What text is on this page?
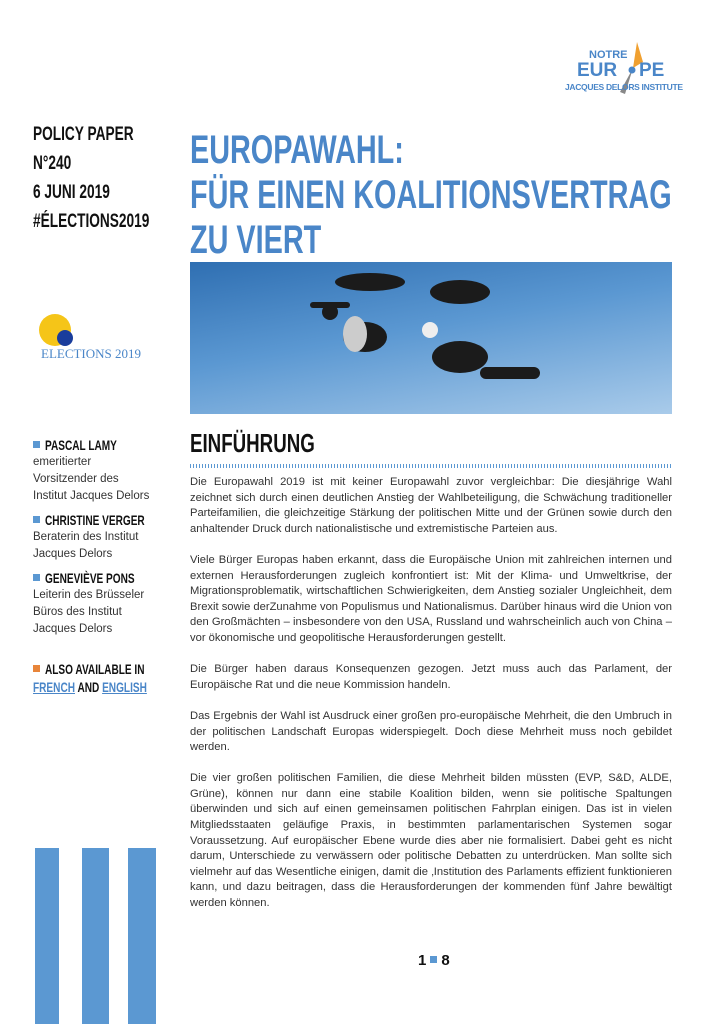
NOTRE
EUR PE
JACQUES DELORS INSTITUTE
POLICY PAPER
N°240
6 JUNI 2019
#ÉLECTIONS2019
ELECTIONS 2019
EUROPAWAHL:
FÜR EINEN KOALITIONSVERTRAG
ZU VIERT
PASCAL LAMY
emeritierter
Vorsitzender des
Institut Jacques Delors
CHRISTINE VERGER
Beraterin des Institut
Jacques Delors
GENEVIÈVE PONS
Leiterin des Brüsseler
Büros des Institut
Jacques Delors
ALSO AVAILABLE IN
FRENCH AND ENGLISH
EINFÜHRUNG

Die Europawahl 2019 ist mit keiner Europawahl zuvor vergleichbar: Die diesjährige Wahl zeichnet sich durch einen deutlichen Anstieg der Wahlbeteiligung, die Schwächung traditioneller Parteifamilien, die gleichzeitige Stärkung der politischen Mitte und der Grünen sowie durch den anhaltender Druck durch nationalistische und extremistische Parteien aus.

Viele Bürger Europas haben erkannt, dass die Europäische Union mit zahlreichen internen und externen Herausforderungen zugleich konfrontiert ist: Mit der Klima- und Umweltkrise, der Migrationsproblematik, wirtschaftlichen Schwierigkeiten, dem Anstieg sozialer Ungleichheit, dem Brexit sowie derZunahme von Populismus und Nationalismus. Darüber hinaus wird die Union von den Großmächten – insbesondere von den USA, Russland und wahrscheinlich auch von China – vor ökonomische und geopolitische Herausforderungen gestellt.

Die Bürger haben daraus Konsequenzen gezogen. Jetzt muss auch das Parlament, der Europäische Rat und die neue Kommission handeln.

Das Ergebnis der Wahl ist Ausdruck einer großen pro-europäische Mehrheit, die den Umbruch in der politischen Landschaft Europas widerspiegelt. Doch diese Mehrheit muss noch gebildet werden.

Die vier großen politischen Familien, die diese Mehrheit bilden müssten (EVP, S&D, ALDE, Grüne), können nur dann eine stabile Koalition bilden, wenn sie politische Spaltungen überwinden und sich auf einen gemeinsamen politischen Fahrplan einigen. Das ist in vielen Mitgliedsstaaten geläufige Praxis, in bestimmten parlamentarischen Systemen sogar Voraussetzung. Auf europäischer Ebene wurde dies aber nie formalisiert. Dabei geht es nicht darum, Unterschiede zu verwässern oder politische Debatten zu unterdrücken. Man sollte sich vielmehr auf das Wesentliche einigen, damit die ‚Institution des Parlaments effizient funktionieren kann, und dazu beitragen, dass die Herausforderungen der kommenden fünf Jahre bewältigt werden können.

1 8
